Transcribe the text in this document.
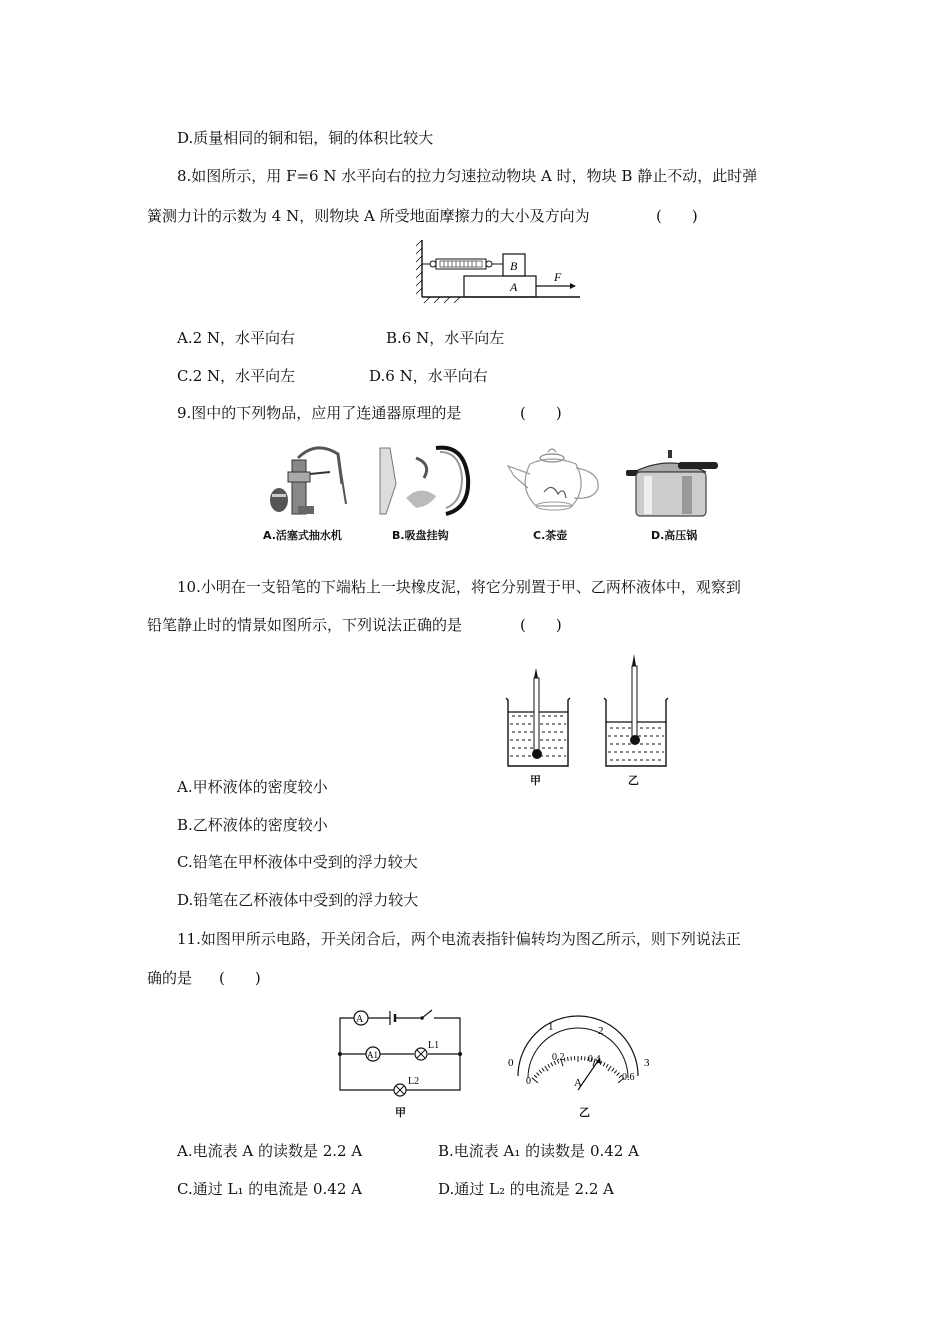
D.质量相同的铜和铝，铜的体积比较大
8.如图所示，用 F=6 N 水平向右的拉力匀速拉动物块 A 时，物块 B 静止不动，此时弹
簧测力计的示数为 4 N，则物块 A 所受地面摩擦力的大小及方向为	(　　)
B
A
F
A.2 N，水平向右	B.6 N，水平向左
C.2 N，水平向左	D.6 N，水平向右
9.图中的下列物品，应用了连通器原理的是	(　　)
A.活塞式抽水机	B.吸盘挂钩	C.茶壶	D.高压锅
10.小明在一支铅笔的下端粘上一块橡皮泥，将它分别置于甲、乙两杯液体中，观察到
铅笔静止时的情景如图所示，下列说法正确的是	(　　)
甲	乙
A.甲杯液体的密度较小
B.乙杯液体的密度较小
C.铅笔在甲杯液体中受到的浮力较大
D.铅笔在乙杯液体中受到的浮力较大
11.如图甲所示电路，开关闭合后，两个电流表指针偏转均为图乙所示，则下列说法正
确的是 (　　)
A
A1
L1
L2
甲
0
1	2
3
0
0.2 0.4
0.6
A
乙
A.电流表 A 的读数是 2.2 A	B.电流表 A₁ 的读数是 0.42 A
C.通过 L₁ 的电流是 0.42 A	D.通过 L₂ 的电流是 2.2 A
